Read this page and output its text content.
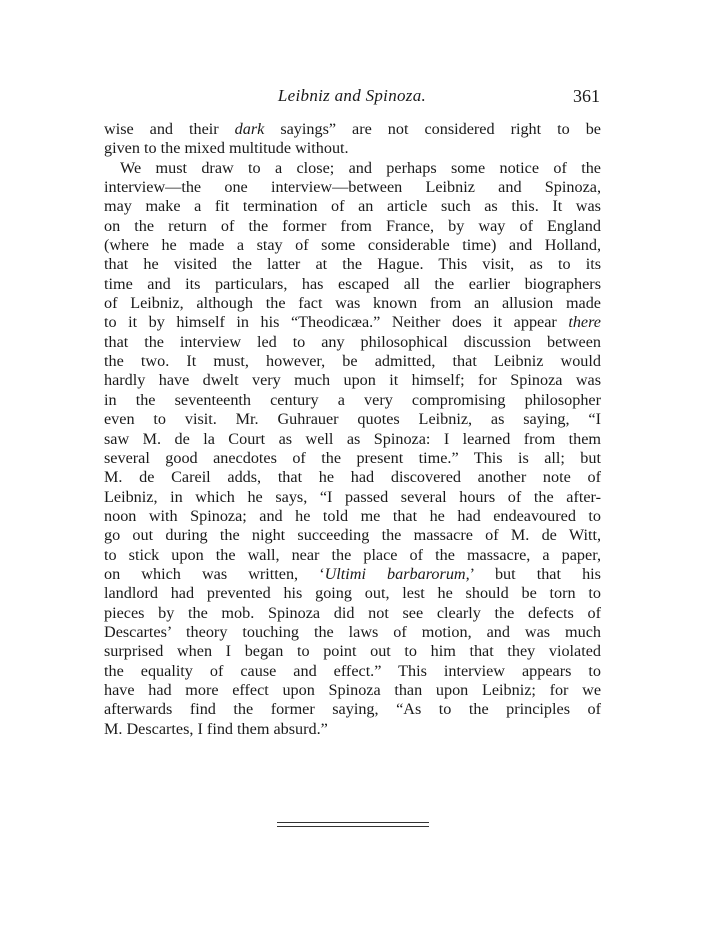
Leibniz and Spinoza.	361
wise and their dark sayings” are not considered right to be
given to the mixed multitude without.
We must draw to a close; and perhaps some notice of the
interview—the one interview—between Leibniz and Spinoza,
may make a fit termination of an article such as this. It was
on the return of the former from France, by way of England
(where he made a stay of some considerable time) and Holland,
that he visited the latter at the Hague. This visit, as to its
time and its particulars, has escaped all the earlier biographers
of Leibniz, although the fact was known from an allusion made
to it by himself in his “Theodicæa.” Neither does it appear there
that the interview led to any philosophical discussion between
the two. It must, however, be admitted, that Leibniz would
hardly have dwelt very much upon it himself; for Spinoza was
in the seventeenth century a very compromising philosopher
even to visit. Mr. Guhrauer quotes Leibniz, as saying, “I
saw M. de la Court as well as Spinoza: I learned from them
several good anecdotes of the present time.” This is all; but
M. de Careil adds, that he had discovered another note of
Leibniz, in which he says, “I passed several hours of the after-
noon with Spinoza; and he told me that he had endeavoured to
go out during the night succeeding the massacre of M. de Witt,
to stick upon the wall, near the place of the massacre, a paper,
on which was written, ‘Ultimi barbarorum,’ but that his
landlord had prevented his going out, lest he should be torn to
pieces by the mob. Spinoza did not see clearly the defects of
Descartes’ theory touching the laws of motion, and was much
surprised when I began to point out to him that they violated
the equality of cause and effect.” This interview appears to
have had more effect upon Spinoza than upon Leibniz; for we
afterwards find the former saying, “As to the principles of
M. Descartes, I find them absurd.”
